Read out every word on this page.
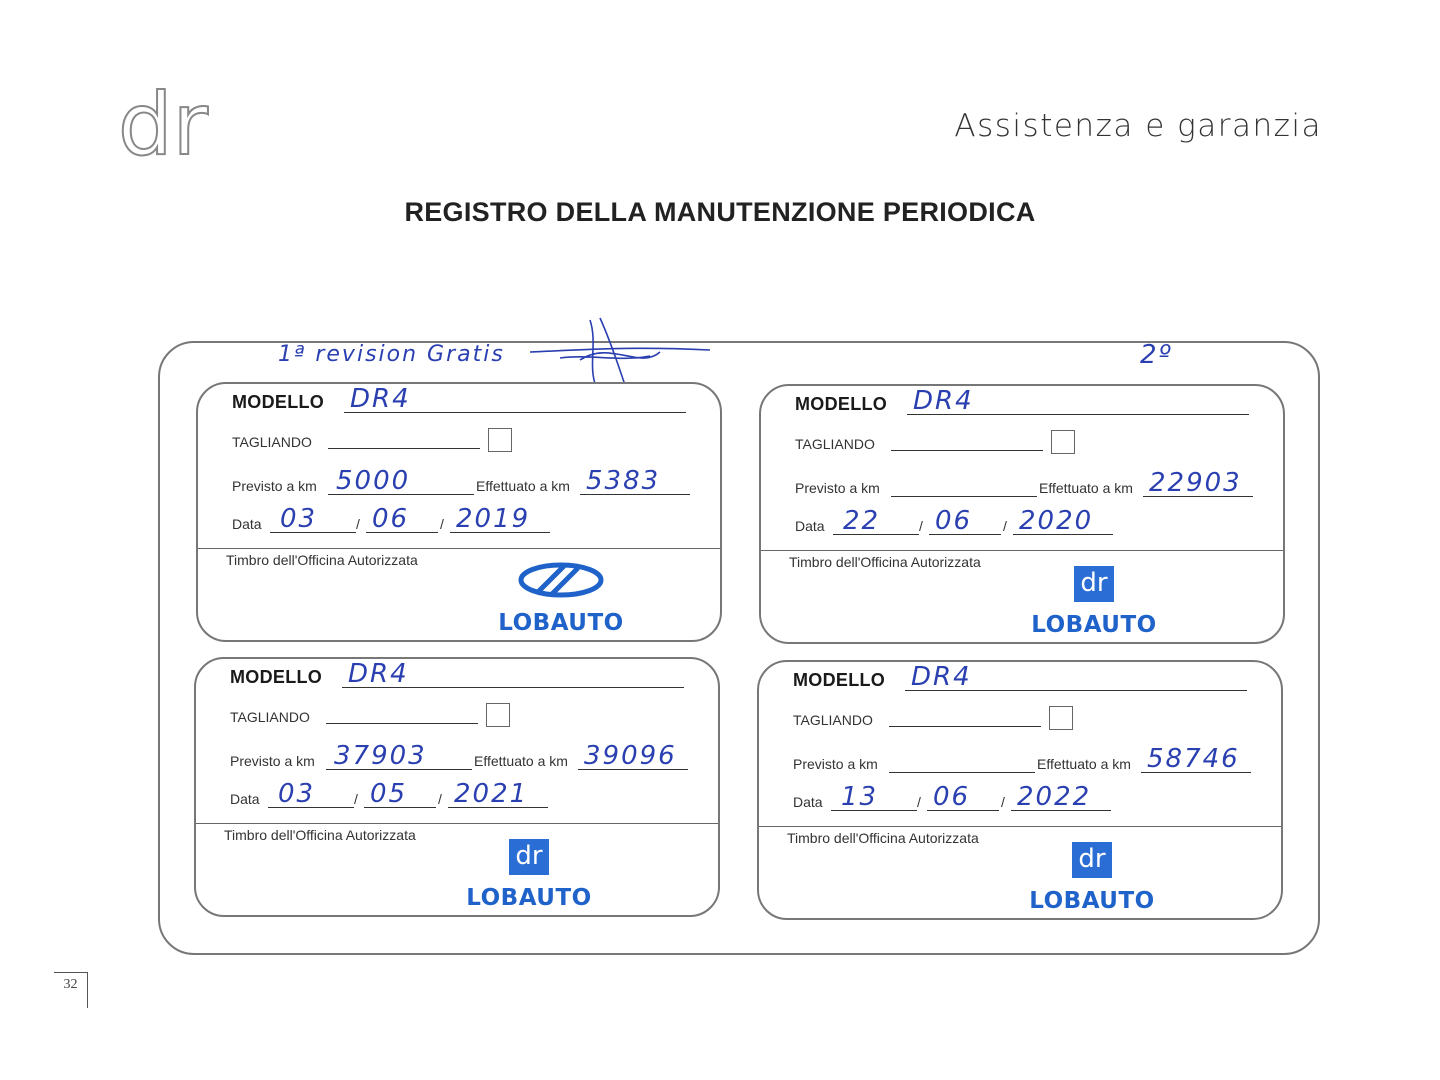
dr	Assistenza e garanzia
REGISTRO DELLA MANUTENZIONE PERIODICA
1ª revision Gratis	2º
MODELLO DR4
TAGLIANDO
Previsto a km 5000	Effettuato a km 5383
Data 03	/ 06 / 2019
Timbro dell'Officina Autorizzata
LOBAUTO
MODELLO DR4
TAGLIANDO
Previsto a km	Effettuato a km 22903
Data 22	/ 06 / 2020
Timbro dell'Officina Autorizzata
dr
LOBAUTO
MODELLO DR4
TAGLIANDO
Previsto a km 37903	Effettuato a km 39096
Data 03	/ 05 / 2021
Timbro dell'Officina Autorizzata
dr
LOBAUTO
MODELLO DR4
TAGLIANDO
Previsto a km	Effettuato a km 58746
Data 13	/ 06 / 2022
Timbro dell'Officina Autorizzata
dr
LOBAUTO
32
